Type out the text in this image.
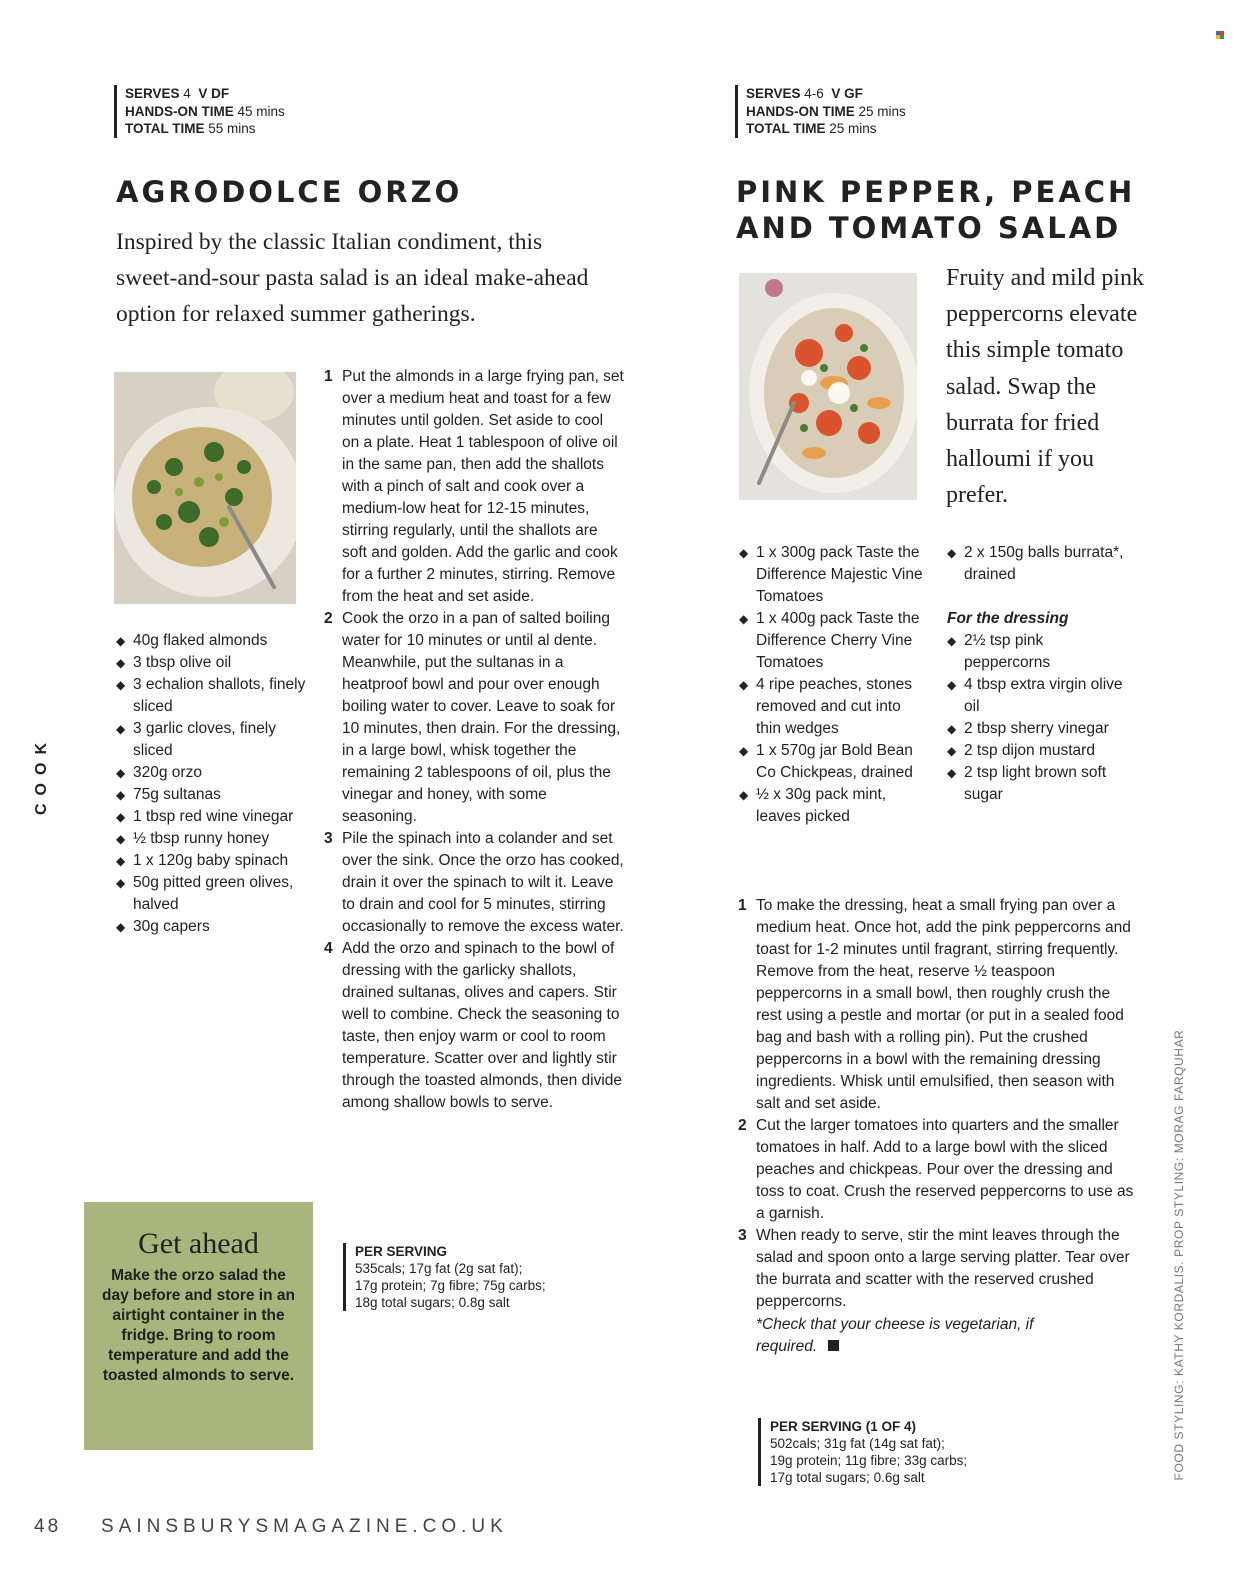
SERVES 4 V DF
HANDS-ON TIME 45 mins
TOTAL TIME 55 mins
AGRODOLCE ORZO
Inspired by the classic Italian condiment, this sweet-and-sour pasta salad is an ideal make-ahead option for relaxed summer gatherings.
◆ 40g flaked almonds
◆ 3 tbsp olive oil
◆ 3 echalion shallots, finely sliced
◆ 3 garlic cloves, finely sliced
◆ 320g orzo
◆ 75g sultanas
◆ 1 tbsp red wine vinegar
◆ ½ tbsp runny honey
◆ 1 x 120g baby spinach
◆ 50g pitted green olives, halved
◆ 30g capers
1 Put the almonds in a large frying pan, set over a medium heat and toast for a few minutes until golden. Set aside to cool on a plate. Heat 1 tablespoon of olive oil in the same pan, then add the shallots with a pinch of salt and cook over a medium-low heat for 12-15 minutes, stirring regularly, until the shallots are soft and golden. Add the garlic and cook for a further 2 minutes, stirring. Remove from the heat and set aside.
2 Cook the orzo in a pan of salted boiling water for 10 minutes or until al dente. Meanwhile, put the sultanas in a heatproof bowl and pour over enough boiling water to cover. Leave to soak for 10 minutes, then drain. For the dressing, in a large bowl, whisk together the remaining 2 tablespoons of oil, plus the vinegar and honey, with some seasoning.
3 Pile the spinach into a colander and set over the sink. Once the orzo has cooked, drain it over the spinach to wilt it. Leave to drain and cool for 5 minutes, stirring occasionally to remove the excess water.
4 Add the orzo and spinach to the bowl of dressing with the garlicky shallots, drained sultanas, olives and capers. Stir well to combine. Check the seasoning to taste, then enjoy warm or cool to room temperature. Scatter over and lightly stir through the toasted almonds, then divide among shallow bowls to serve.
Get ahead
Make the orzo salad the day before and store in an airtight container in the fridge. Bring to room temperature and add the toasted almonds to serve.
PER SERVING
535cals; 17g fat (2g sat fat);
17g protein; 7g fibre; 75g carbs;
18g total sugars; 0.8g salt
SERVES 4-6 V GF
HANDS-ON TIME 25 mins
TOTAL TIME 25 mins
PINK PEPPER, PEACH AND TOMATO SALAD
Fruity and mild pink peppercorns elevate this simple tomato salad. Swap the burrata for fried halloumi if you prefer.
◆ 1 x 300g pack Taste the Difference Majestic Vine Tomatoes
◆ 1 x 400g pack Taste the Difference Cherry Vine Tomatoes
◆ 4 ripe peaches, stones removed and cut into thin wedges
◆ 1 x 570g jar Bold Bean Co Chickpeas, drained
◆ ½ x 30g pack mint, leaves picked
◆ 2 x 150g balls burrata*, drained
For the dressing
◆ 2½ tsp pink peppercorns
◆ 4 tbsp extra virgin olive oil
◆ 2 tbsp sherry vinegar
◆ 2 tsp dijon mustard
◆ 2 tsp light brown soft sugar
1 To make the dressing, heat a small frying pan over a medium heat. Once hot, add the pink peppercorns and toast for 1-2 minutes until fragrant, stirring frequently. Remove from the heat, reserve ½ teaspoon peppercorns in a small bowl, then roughly crush the rest using a pestle and mortar (or put in a sealed food bag and bash with a rolling pin). Put the crushed peppercorns in a bowl with the remaining dressing ingredients. Whisk until emulsified, then season with salt and set aside.
2 Cut the larger tomatoes into quarters and the smaller tomatoes in half. Add to a large bowl with the sliced peaches and chickpeas. Pour over the dressing and toss to coat. Crush the reserved peppercorns to use as a garnish.
3 When ready to serve, stir the mint leaves through the salad and spoon onto a large serving platter. Tear over the burrata and scatter with the reserved crushed peppercorns.
*Check that your cheese is vegetarian, if required.
PER SERVING (1 OF 4)
502cals; 31g fat (14g sat fat);
19g protein; 11g fibre; 33g carbs;
17g total sugars; 0.6g salt
COOK
FOOD STYLING: KATHY KORDALIS. PROP STYLING: MORAG FARQUHAR
48 SAINSBURYSMAGAZINE.CO.UK
